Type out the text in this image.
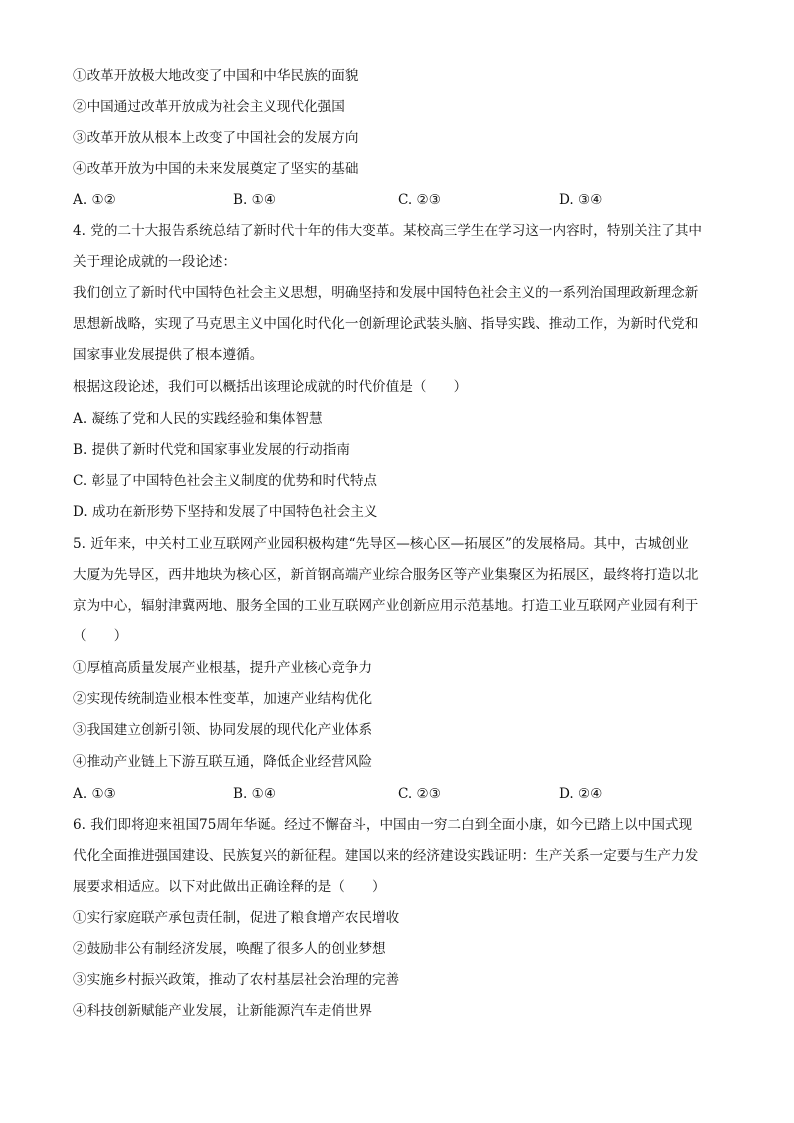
①改革开放极大地改变了中国和中华民族的面貌
②中国通过改革开放成为社会主义现代化强国
③改革开放从根本上改变了中国社会的发展方向
④改革开放为中国的未来发展奠定了坚实的基础
A. ①②	B. ①④	C. ②③	D. ③④
4. 党的二十大报告系统总结了新时代十年的伟大变革。某校高三学生在学习这一内容时，特别关注了其中
关于理论成就的一段论述：
我们创立了新时代中国特色社会主义思想，明确坚持和发展中国特色社会主义的一系列治国理政新理念新
思想新战略，实现了马克思主义中国化时代化一创新理论武装头脑、指导实践、推动工作，为新时代党和
国家事业发展提供了根本遵循。
根据这段论述，我们可以概括出该理论成就的时代价值是（　　）
A. 凝练了党和人民的实践经验和集体智慧
B. 提供了新时代党和国家事业发展的行动指南
C. 彰显了中国特色社会主义制度的优势和时代特点
D. 成功在新形势下坚持和发展了中国特色社会主义
5. 近年来，中关村工业互联网产业园积极构建“先导区—核心区—拓展区”的发展格局。其中，古城创业
大厦为先导区，西井地块为核心区，新首钢高端产业综合服务区等产业集聚区为拓展区，最终将打造以北
京为中心，辐射津冀两地、服务全国的工业互联网产业创新应用示范基地。打造工业互联网产业园有利于
（　　）
①厚植高质量发展产业根基，提升产业核心竞争力
②实现传统制造业根本性变革，加速产业结构优化
③我国建立创新引领、协同发展的现代化产业体系
④推动产业链上下游互联互通，降低企业经营风险
A. ①③	B. ①④	C. ②③	D. ②④
6. 我们即将迎来祖国75周年华诞。经过不懈奋斗，中国由一穷二白到全面小康，如今已踏上以中国式现
代化全面推进强国建设、民族复兴的新征程。建国以来的经济建设实践证明：生产关系一定要与生产力发
展要求相适应。以下对此做出正确诠释的是（　　）
①实行家庭联产承包责任制，促进了粮食增产农民增收
②鼓励非公有制经济发展，唤醒了很多人的创业梦想
③实施乡村振兴政策，推动了农村基层社会治理的完善
④科技创新赋能产业发展，让新能源汽车走俏世界
